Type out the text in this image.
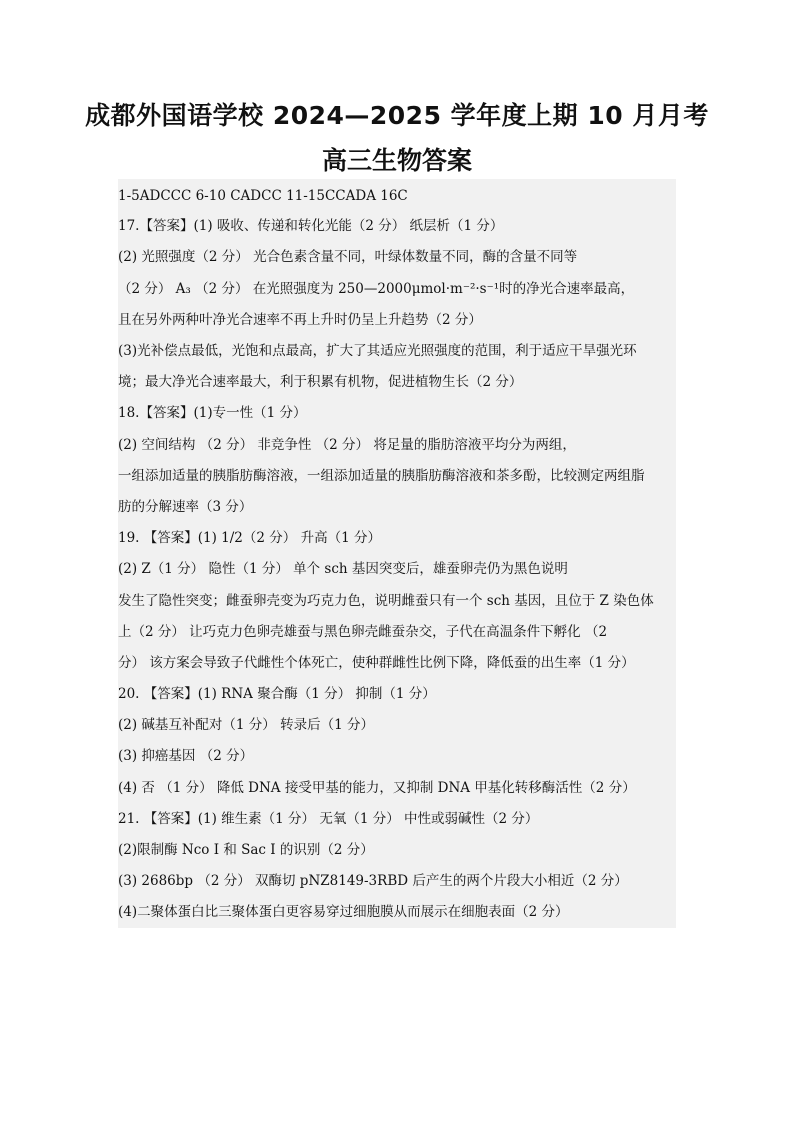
成都外国语学校 2024—2025 学年度上期 10 月月考
高三生物答案
1-5ADCCC 6-10 CADCC 11-15CCADA 16C
17.【答案】(1) 吸收、传递和转化光能（2 分） 纸层析（1 分）
(2) 光照强度（2 分） 光合色素含量不同，叶绿体数量不同，酶的含量不同等
（2 分） A₃ （2 分） 在光照强度为 250—2000μmol·m⁻²·s⁻¹时的净光合速率最高，
且在另外两种叶净光合速率不再上升时仍呈上升趋势（2 分）
(3)光补偿点最低，光饱和点最高，扩大了其适应光照强度的范围，利于适应干旱强光环
境；最大净光合速率最大，利于积累有机物，促进植物生长（2 分）
18.【答案】(1)专一性（1 分）
(2) 空间结构 （2 分） 非竞争性 （2 分） 将足量的脂肪溶液平均分为两组，
一组添加适量的胰脂肪酶溶液，一组添加适量的胰脂肪酶溶液和茶多酚，比较测定两组脂
肪的分解速率（3 分）
19. 【答案】(1) 1/2（2 分） 升高（1 分）
(2) Z（1 分） 隐性（1 分） 单个 sch 基因突变后，雄蚕卵壳仍为黑色说明
发生了隐性突变；雌蚕卵壳变为巧克力色，说明雌蚕只有一个 sch 基因，且位于 Z 染色体
上（2 分） 让巧克力色卵壳雄蚕与黑色卵壳雌蚕杂交，子代在高温条件下孵化 （2
分） 该方案会导致子代雌性个体死亡，使种群雌性比例下降，降低蚕的出生率（1 分）
20. 【答案】(1) RNA 聚合酶（1 分） 抑制（1 分）
(2) 碱基互补配对（1 分） 转录后（1 分）
(3) 抑癌基因 （2 分）
(4) 否 （1 分） 降低 DNA 接受甲基的能力，又抑制 DNA 甲基化转移酶活性（2 分）
21. 【答案】(1) 维生素（1 分） 无氧（1 分） 中性或弱碱性（2 分）
(2)限制酶 Nco I 和 Sac I 的识别（2 分）
(3) 2686bp （2 分） 双酶切 pNZ8149-3RBD 后产生的两个片段大小相近（2 分）
(4)二聚体蛋白比三聚体蛋白更容易穿过细胞膜从而展示在细胞表面（2 分）
